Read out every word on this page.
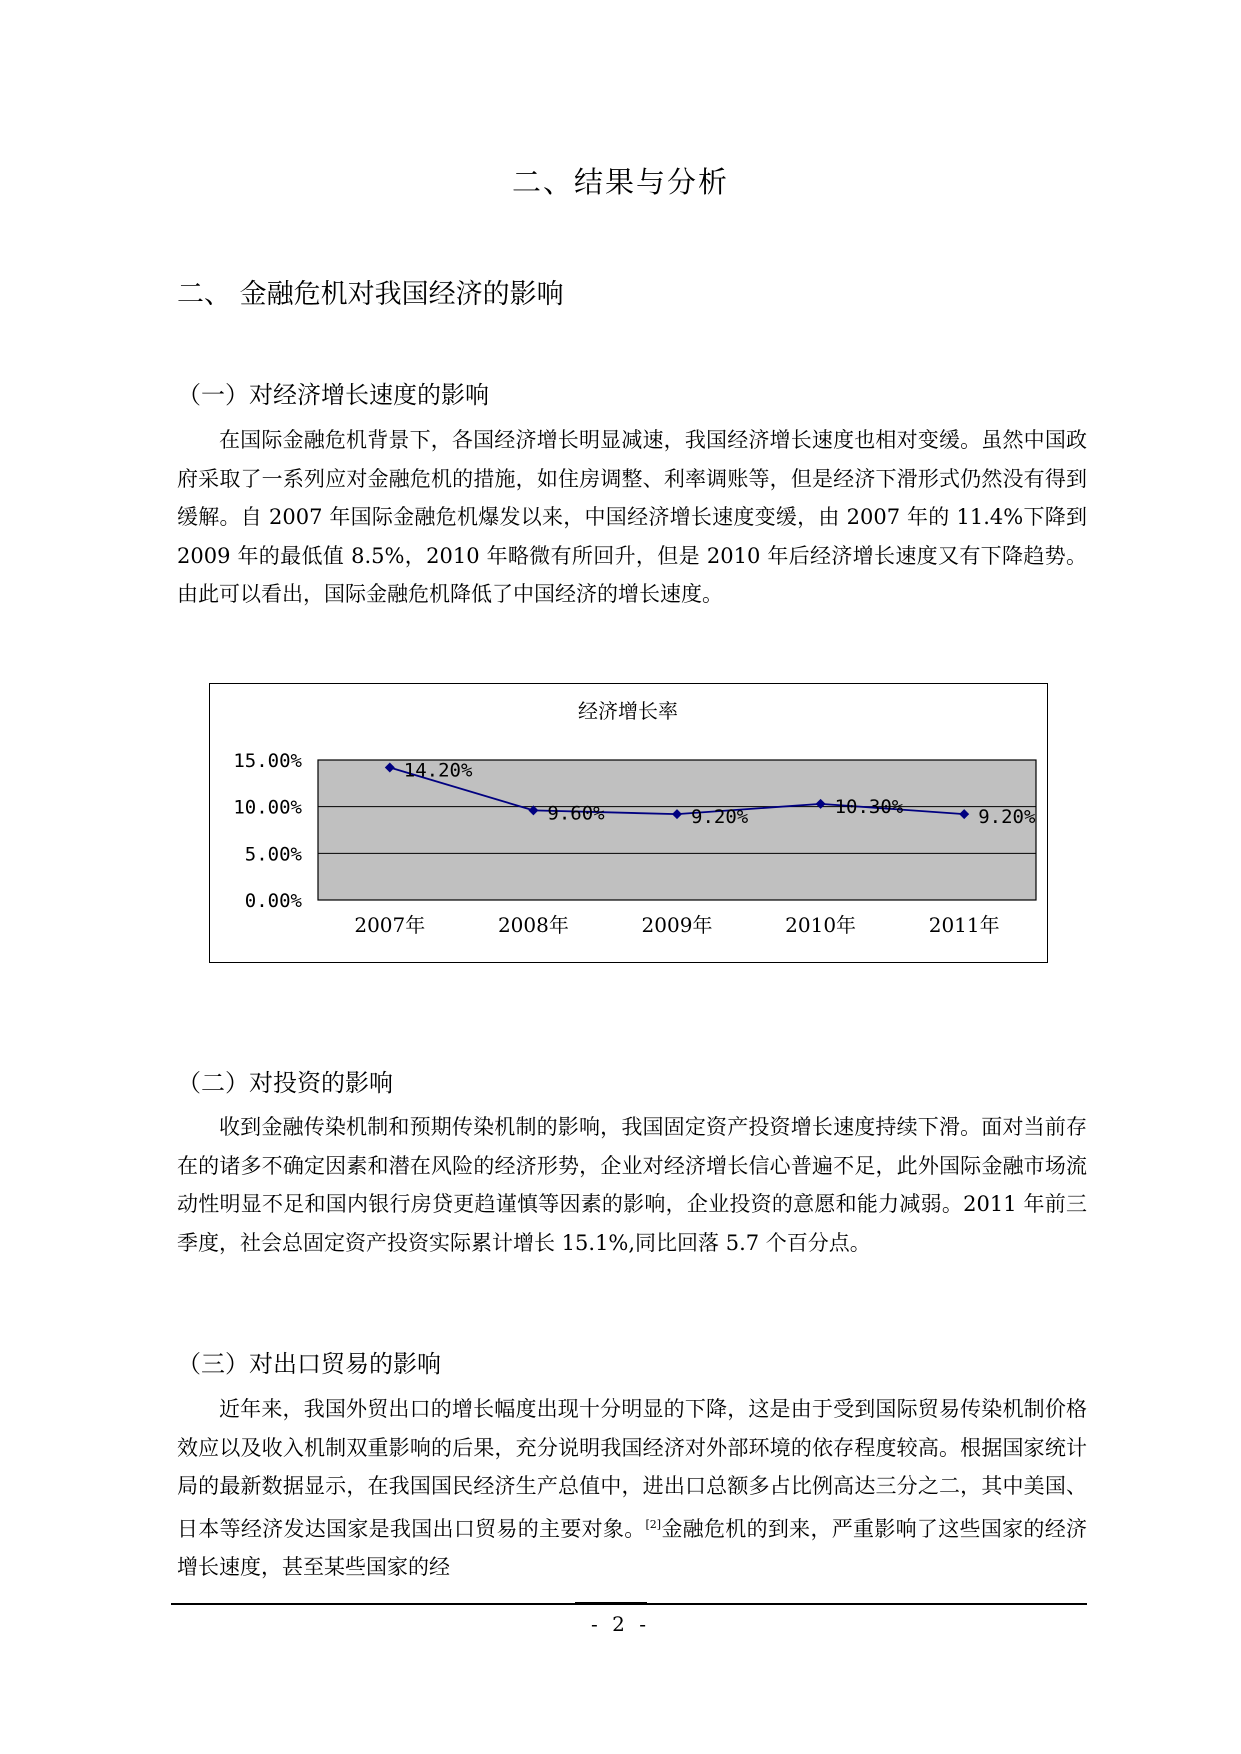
二、结果与分析
二、 金融危机对我国经济的影响
（一）对经济增长速度的影响

在国际金融危机背景下，各国经济增长明显减速，我国经济增长速度也相对变缓。虽然中国政府采取了一系列应对金融危机的措施，如住房调整、利率调账等，但是经济下滑形式仍然没有得到缓解。自 2007 年国际金融危机爆发以来，中国经济增长速度变缓，由 2007 年的 11.4%下降到 2009 年的最低值 8.5%，2010 年略微有所回升，但是 2010 年后经济增长速度又有下降趋势。由此可以看出，国际金融危机降低了中国经济的增长速度。

经济增长率
15.00%
10.00%
5.00%
0.00%
2007年	2008年	2009年	2010年	2011年
14.20%
9.60%	9.20%	10.30%	9.20%
（二）对投资的影响

收到金融传染机制和预期传染机制的影响，我国固定资产投资增长速度持续下滑。面对当前存在的诸多不确定因素和潜在风险的经济形势，企业对经济增长信心普遍不足，此外国际金融市场流动性明显不足和国内银行房贷更趋谨慎等因素的影响，企业投资的意愿和能力减弱。2011 年前三季度，社会总固定资产投资实际累计增长 15.1%,同比回落 5.7 个百分点。

（三）对出口贸易的影响

近年来，我国外贸出口的增长幅度出现十分明显的下降，这是由于受到国际贸易传染机制价格效应以及收入机制双重影响的后果，充分说明我国经济对外部环境的依存程度较高。根据国家统计局的最新数据显示，在我国国民经济生产总值中，进出口总额多占比例高达三分之二，其中美国、日本等经济发达国家是我国出口贸易的主要对象。[2]金融危机的到来，严重影响了这些国家的经济增长速度，甚至某些国家的经

- 2 -
